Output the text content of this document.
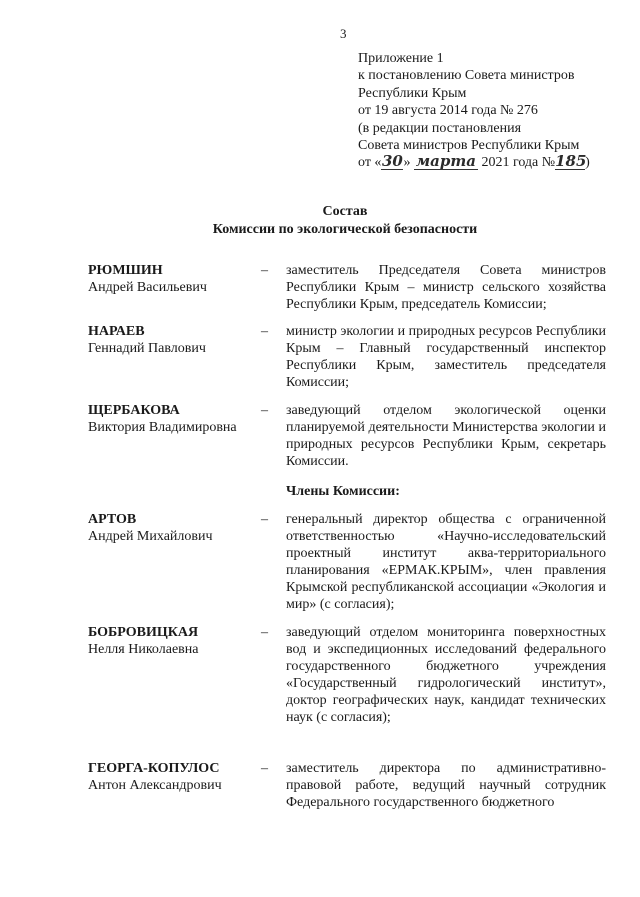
3
Приложение 1
к постановлению Совета министров
Республики Крым
от 19 августа 2014 года № 276
(в редакции постановления
Совета министров Республики Крым
от «30» марта 2021 года №185)
Состав
Комиссии по экологической безопасности
РЮМШИН
Андрей Васильевич
– заместитель Председателя Совета министров Республики Крым – министр сельского хозяйства Республики Крым, председатель Комиссии;
НАРАЕВ
Геннадий Павлович
– министр экологии и природных ресурсов Республики Крым – Главный государственный инспектор Республики Крым, заместитель председателя Комиссии;
ЩЕРБАКОВА
Виктория Владимировна
– заведующий отделом экологической оценки планируемой деятельности Министерства экологии и природных ресурсов Республики Крым, секретарь Комиссии.
Члены Комиссии:
АРТОВ
Андрей Михайлович
– генеральный директор общества с ограниченной ответственностью «Научно-исследовательский проектный институт аква-территориального планирования «ЕРМАК.КРЫМ», член правления Крымской республиканской ассоциации «Экология и мир» (с согласия);
БОБРОВИЦКАЯ
Нелля Николаевна
– заведующий отделом мониторинга поверхностных вод и экспедиционных исследований федерального государственного бюджетного учреждения «Государственный гидрологический институт», доктор географических наук, кандидат технических наук (с согласия);
ГЕОРГА-КОПУЛОС
Антон Александрович
– заместитель директора по административно-правовой работе, ведущий научный сотрудник Федерального государственного бюджетного
